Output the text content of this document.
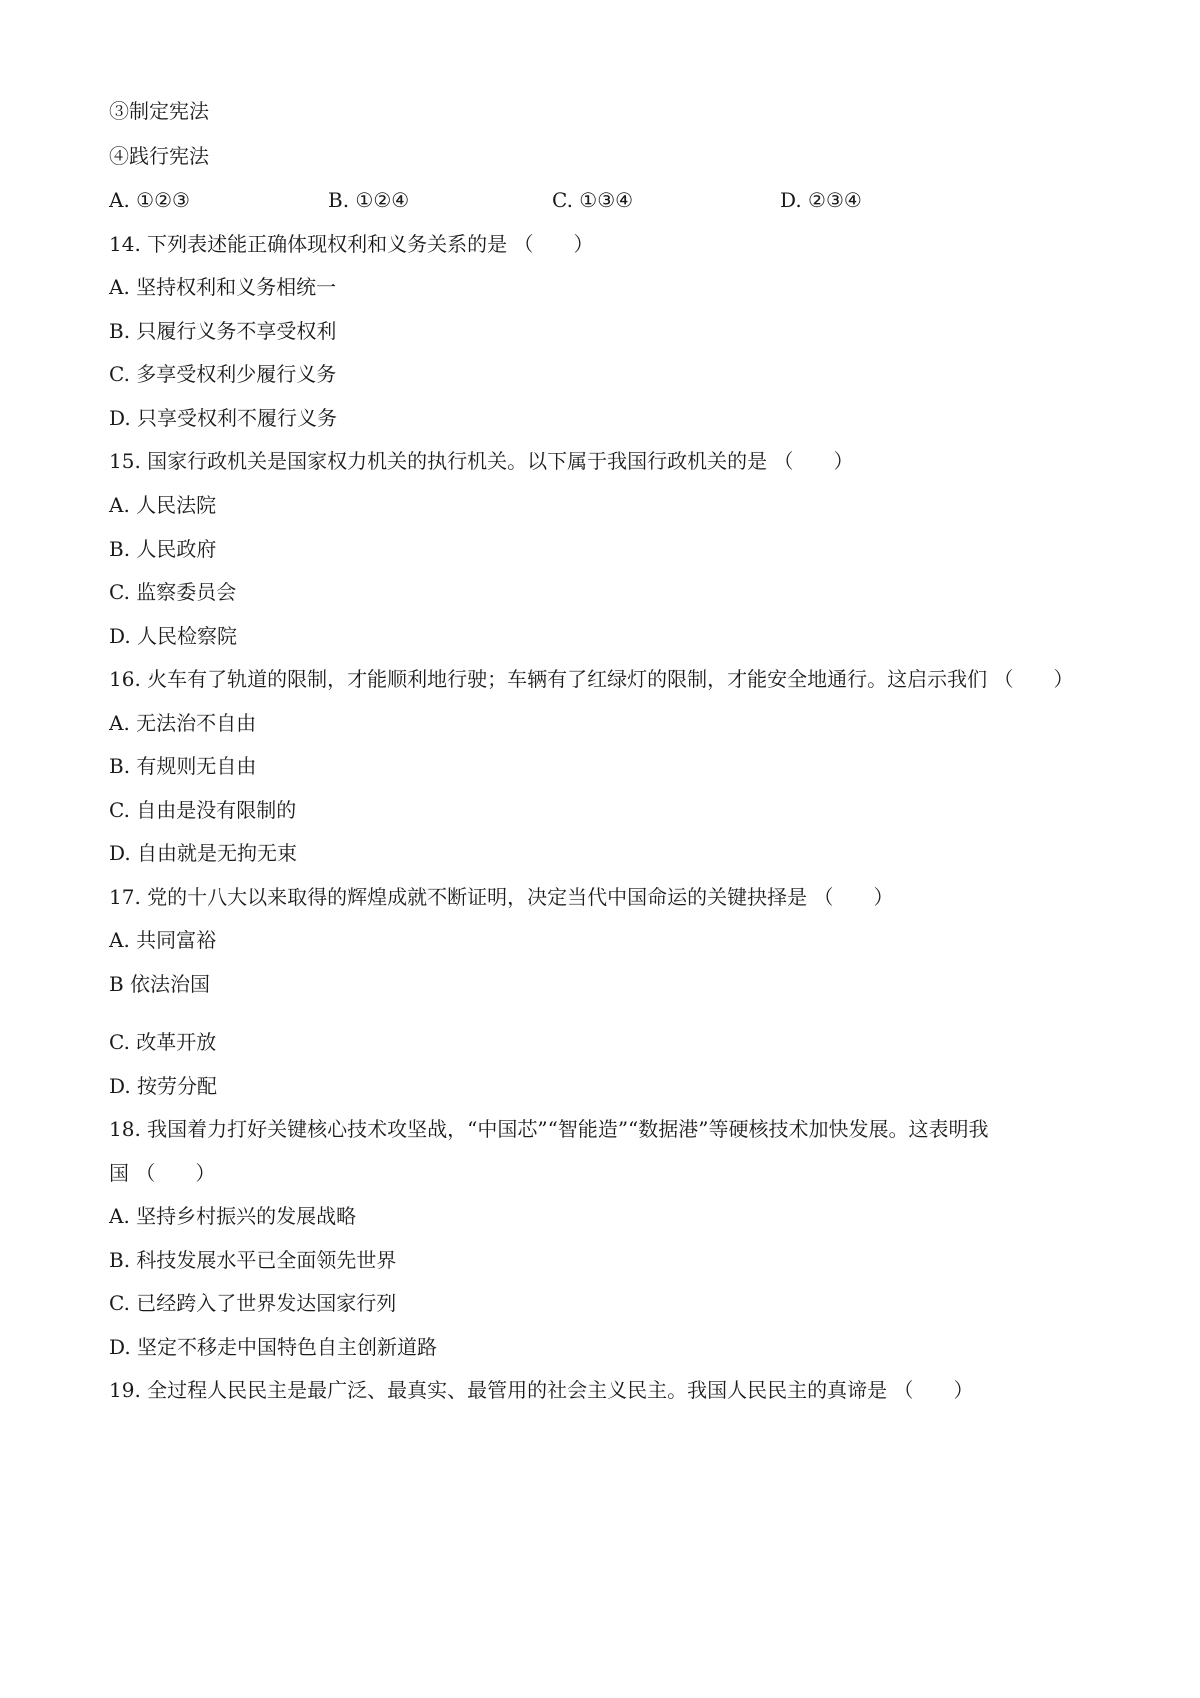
③制定宪法
④践行宪法
A. ①②③	B. ①②④	C. ①③④	D. ②③④
14. 下列表述能正确体现权利和义务关系的是 （　　）
A. 坚持权利和义务相统一
B. 只履行义务不享受权利
C. 多享受权利少履行义务
D. 只享受权利不履行义务
15. 国家行政机关是国家权力机关的执行机关。以下属于我国行政机关的是 （　　）
A. 人民法院
B. 人民政府
C. 监察委员会
D. 人民检察院
16. 火车有了轨道的限制，才能顺利地行驶；车辆有了红绿灯的限制，才能安全地通行。这启示我们 （　　）
A. 无法治不自由
B. 有规则无自由
C. 自由是没有限制的
D. 自由就是无拘无束
17. 党的十八大以来取得的辉煌成就不断证明，决定当代中国命运的关键抉择是 （　　）
A. 共同富裕
B 依法治国
C. 改革开放
D. 按劳分配
18. 我国着力打好关键核心技术攻坚战，“中国芯”“智能造”“数据港”等硬核技术加快发展。这表明我
国 （　　）
A. 坚持乡村振兴的发展战略
B. 科技发展水平已全面领先世界
C. 已经跨入了世界发达国家行列
D. 坚定不移走中国特色自主创新道路
19. 全过程人民民主是最广泛、最真实、最管用的社会主义民主。我国人民民主的真谛是 （　　）
